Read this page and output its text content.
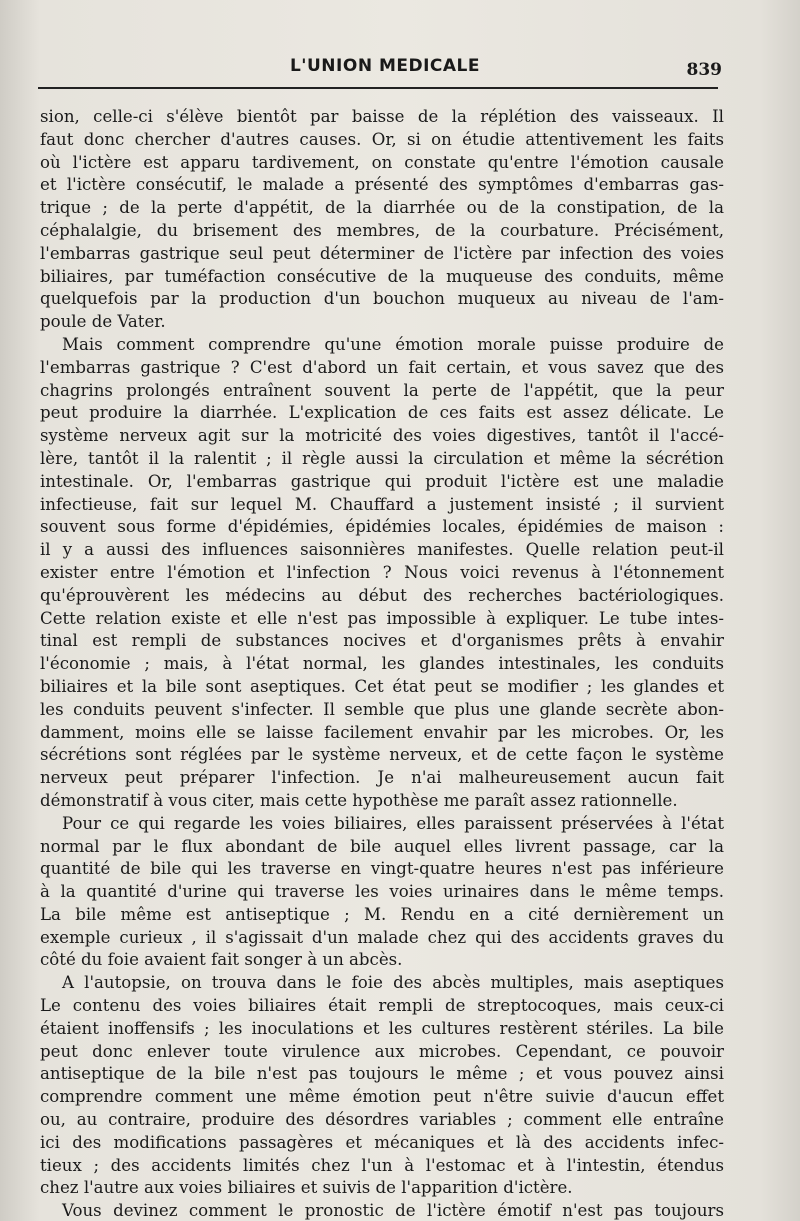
L'UNION MEDICALE	839
sion, celle-ci s'élève bientôt par baisse de la réplétion des vaisseaux. Il
faut donc chercher d'autres causes. Or, si on étudie attentivement les faits
où l'ictère est apparu tardivement, on constate qu'entre l'émotion causale
et l'ictère consécutif, le malade a présenté des symptômes d'embarras gas-
trique ; de la perte d'appétit, de la diarrhée ou de la constipation, de la
céphalalgie, du brisement des membres, de la courbature. Précisément,
l'embarras gastrique seul peut déterminer de l'ictère par infection des voies
biliaires, par tuméfaction consécutive de la muqueuse des conduits, même
quelquefois par la production d'un bouchon muqueux au niveau de l'am-
poule de Vater.
Mais comment comprendre qu'une émotion morale puisse produire de
l'embarras gastrique ? C'est d'abord un fait certain, et vous savez que des
chagrins prolongés entraînent souvent la perte de l'appétit, que la peur
peut produire la diarrhée. L'explication de ces faits est assez délicate. Le
système nerveux agit sur la motricité des voies digestives, tantôt il l'accé-
lère, tantôt il la ralentit ; il règle aussi la circulation et même la sécrétion
intestinale. Or, l'embarras gastrique qui produit l'ictère est une maladie
infectieuse, fait sur lequel M. Chauffard a justement insisté ; il survient
souvent sous forme d'épidémies, épidémies locales, épidémies de maison :
il y a aussi des influences saisonnières manifestes. Quelle relation peut-il
exister entre l'émotion et l'infection ? Nous voici revenus à l'étonnement
qu'éprouvèrent les médecins au début des recherches bactériologiques.
Cette relation existe et elle n'est pas impossible à expliquer. Le tube intes-
tinal est rempli de substances nocives et d'organismes prêts à envahir
l'économie ; mais, à l'état normal, les glandes intestinales, les conduits
biliaires et la bile sont aseptiques. Cet état peut se modifier ; les glandes et
les conduits peuvent s'infecter. Il semble que plus une glande secrète abon-
damment, moins elle se laisse facilement envahir par les microbes. Or, les
sécrétions sont réglées par le système nerveux, et de cette façon le système
nerveux peut préparer l'infection. Je n'ai malheureusement aucun fait
démonstratif à vous citer, mais cette hypothèse me paraît assez rationnelle.
Pour ce qui regarde les voies biliaires, elles paraissent préservées à l'état
normal par le flux abondant de bile auquel elles livrent passage, car la
quantité de bile qui les traverse en vingt-quatre heures n'est pas inférieure
à la quantité d'urine qui traverse les voies urinaires dans le même temps.
La bile même est antiseptique ; M. Rendu en a cité dernièrement un
exemple curieux , il s'agissait d'un malade chez qui des accidents graves du
côté du foie avaient fait songer à un abcès.
A l'autopsie, on trouva dans le foie des abcès multiples, mais aseptiques
Le contenu des voies biliaires était rempli de streptocoques, mais ceux-ci
étaient inoffensifs ; les inoculations et les cultures restèrent stériles. La bile
peut donc enlever toute virulence aux microbes. Cependant, ce pouvoir
antiseptique de la bile n'est pas toujours le même ; et vous pouvez ainsi
comprendre comment une même émotion peut n'être suivie d'aucun effet
ou, au contraire, produire des désordres variables ; comment elle entraîne
ici des modifications passagères et mécaniques et là des accidents infec-
tieux ; des accidents limités chez l'un à l'estomac et à l'intestin, étendus
chez l'autre aux voies biliaires et suivis de l'apparition d'ictère.
Vous devinez comment le pronostic de l'ictère émotif n'est pas toujours
